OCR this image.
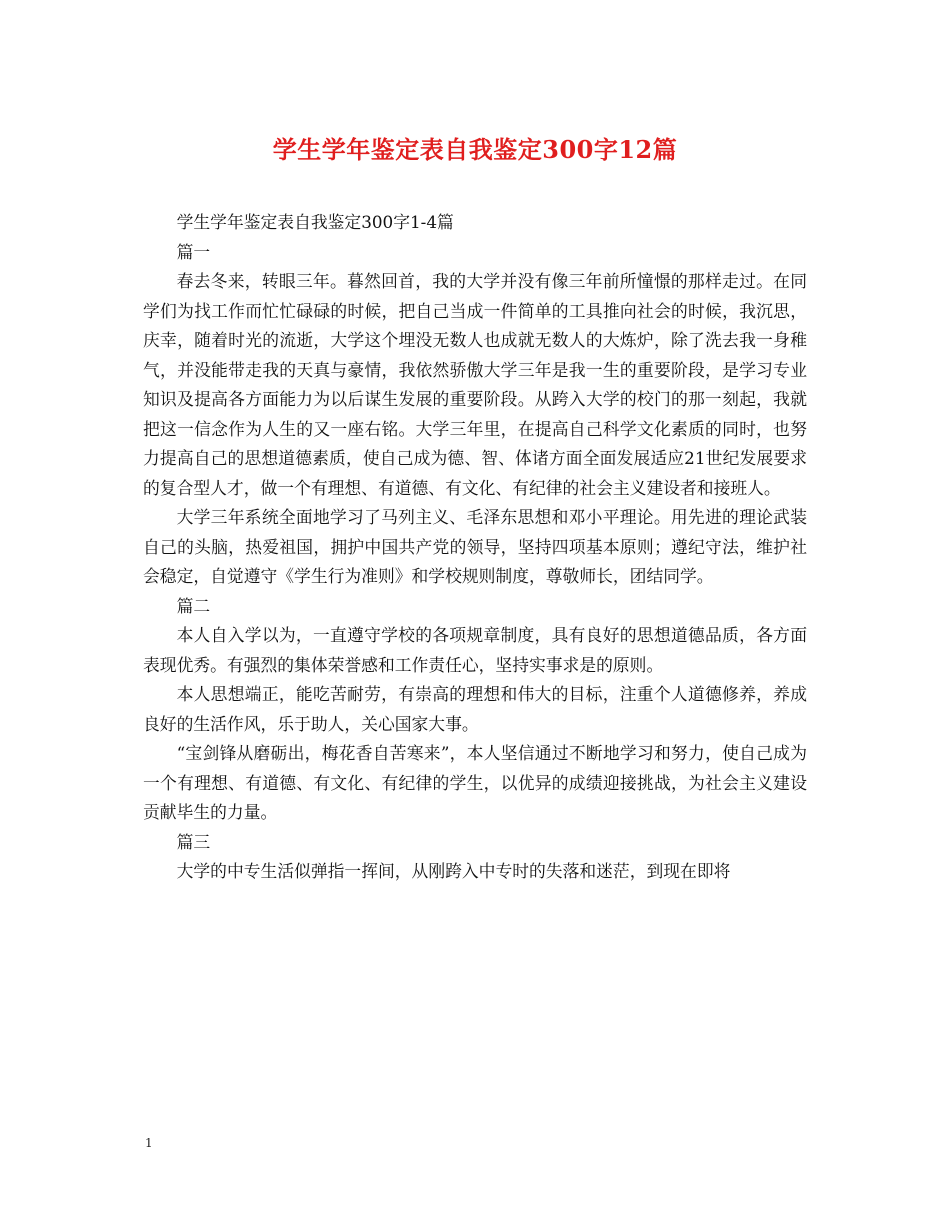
学生学年鉴定表自我鉴定300字12篇

学生学年鉴定表自我鉴定300字1-4篇

篇一

春去冬来，转眼三年。暮然回首，我的大学并没有像三年前所憧憬的那样走过。在同学们为找工作而忙忙碌碌的时候，把自己当成一件简单的工具推向社会的时候，我沉思，庆幸，随着时光的流逝，大学这个埋没无数人也成就无数人的大炼炉，除了洗去我一身稚气，并没能带走我的天真与豪情，我依然骄傲大学三年是我一生的重要阶段，是学习专业知识及提高各方面能力为以后谋生发展的重要阶段。从跨入大学的校门的那一刻起，我就把这一信念作为人生的又一座右铭。大学三年里，在提高自己科学文化素质的同时，也努力提高自己的思想道德素质，使自己成为德、智、体诸方面全面发展适应21世纪发展要求的复合型人才，做一个有理想、有道德、有文化、有纪律的社会主义建设者和接班人。

大学三年系统全面地学习了马列主义、毛泽东思想和邓小平理论。用先进的理论武装自己的头脑，热爱祖国，拥护中国共产党的领导，坚持四项基本原则；遵纪守法，维护社会稳定，自觉遵守《学生行为准则》和学校规则制度，尊敬师长，团结同学。

篇二

本人自入学以为，一直遵守学校的各项规章制度，具有良好的思想道德品质，各方面表现优秀。有强烈的集体荣誉感和工作责任心，坚持实事求是的原则。

本人思想端正，能吃苦耐劳，有崇高的理想和伟大的目标，注重个人道德修养，养成良好的生活作风，乐于助人，关心国家大事。

“宝剑锋从磨砺出，梅花香自苦寒来”，本人坚信通过不断地学习和努力，使自己成为一个有理想、有道德、有文化、有纪律的学生，以优异的成绩迎接挑战，为社会主义建设贡献毕生的力量。

篇三

大学的中专生活似弹指一挥间，从刚跨入中专时的失落和迷茫，到现在即将

1
